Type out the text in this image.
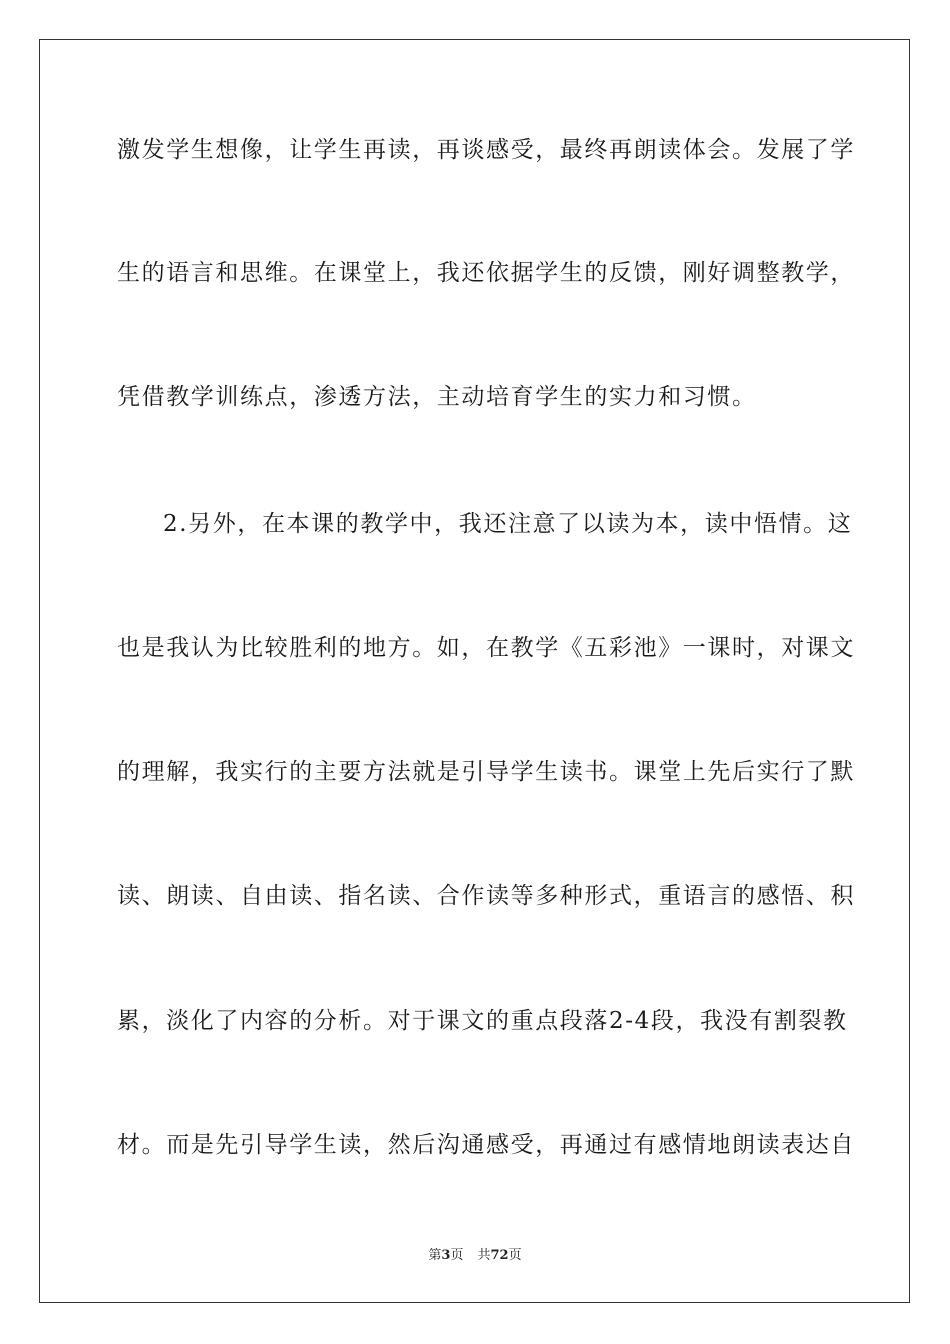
激发学生想像，让学生再读，再谈感受，最终再朗读体会。发展了学
生的语言和思维。在课堂上，我还依据学生的反馈，刚好调整教学，
凭借教学训练点，渗透方法，主动培育学生的实力和习惯。
2.另外，在本课的教学中，我还注意了以读为本，读中悟情。这
也是我认为比较胜利的地方。如，在教学《五彩池》一课时，对课文
的理解，我实行的主要方法就是引导学生读书。课堂上先后实行了默
读、朗读、自由读、指名读、合作读等多种形式，重语言的感悟、积
累，淡化了内容的分析。对于课文的重点段落2-4段，我没有割裂教
材。而是先引导学生读，然后沟通感受，再通过有感情地朗读表达自
第3页 共72页
